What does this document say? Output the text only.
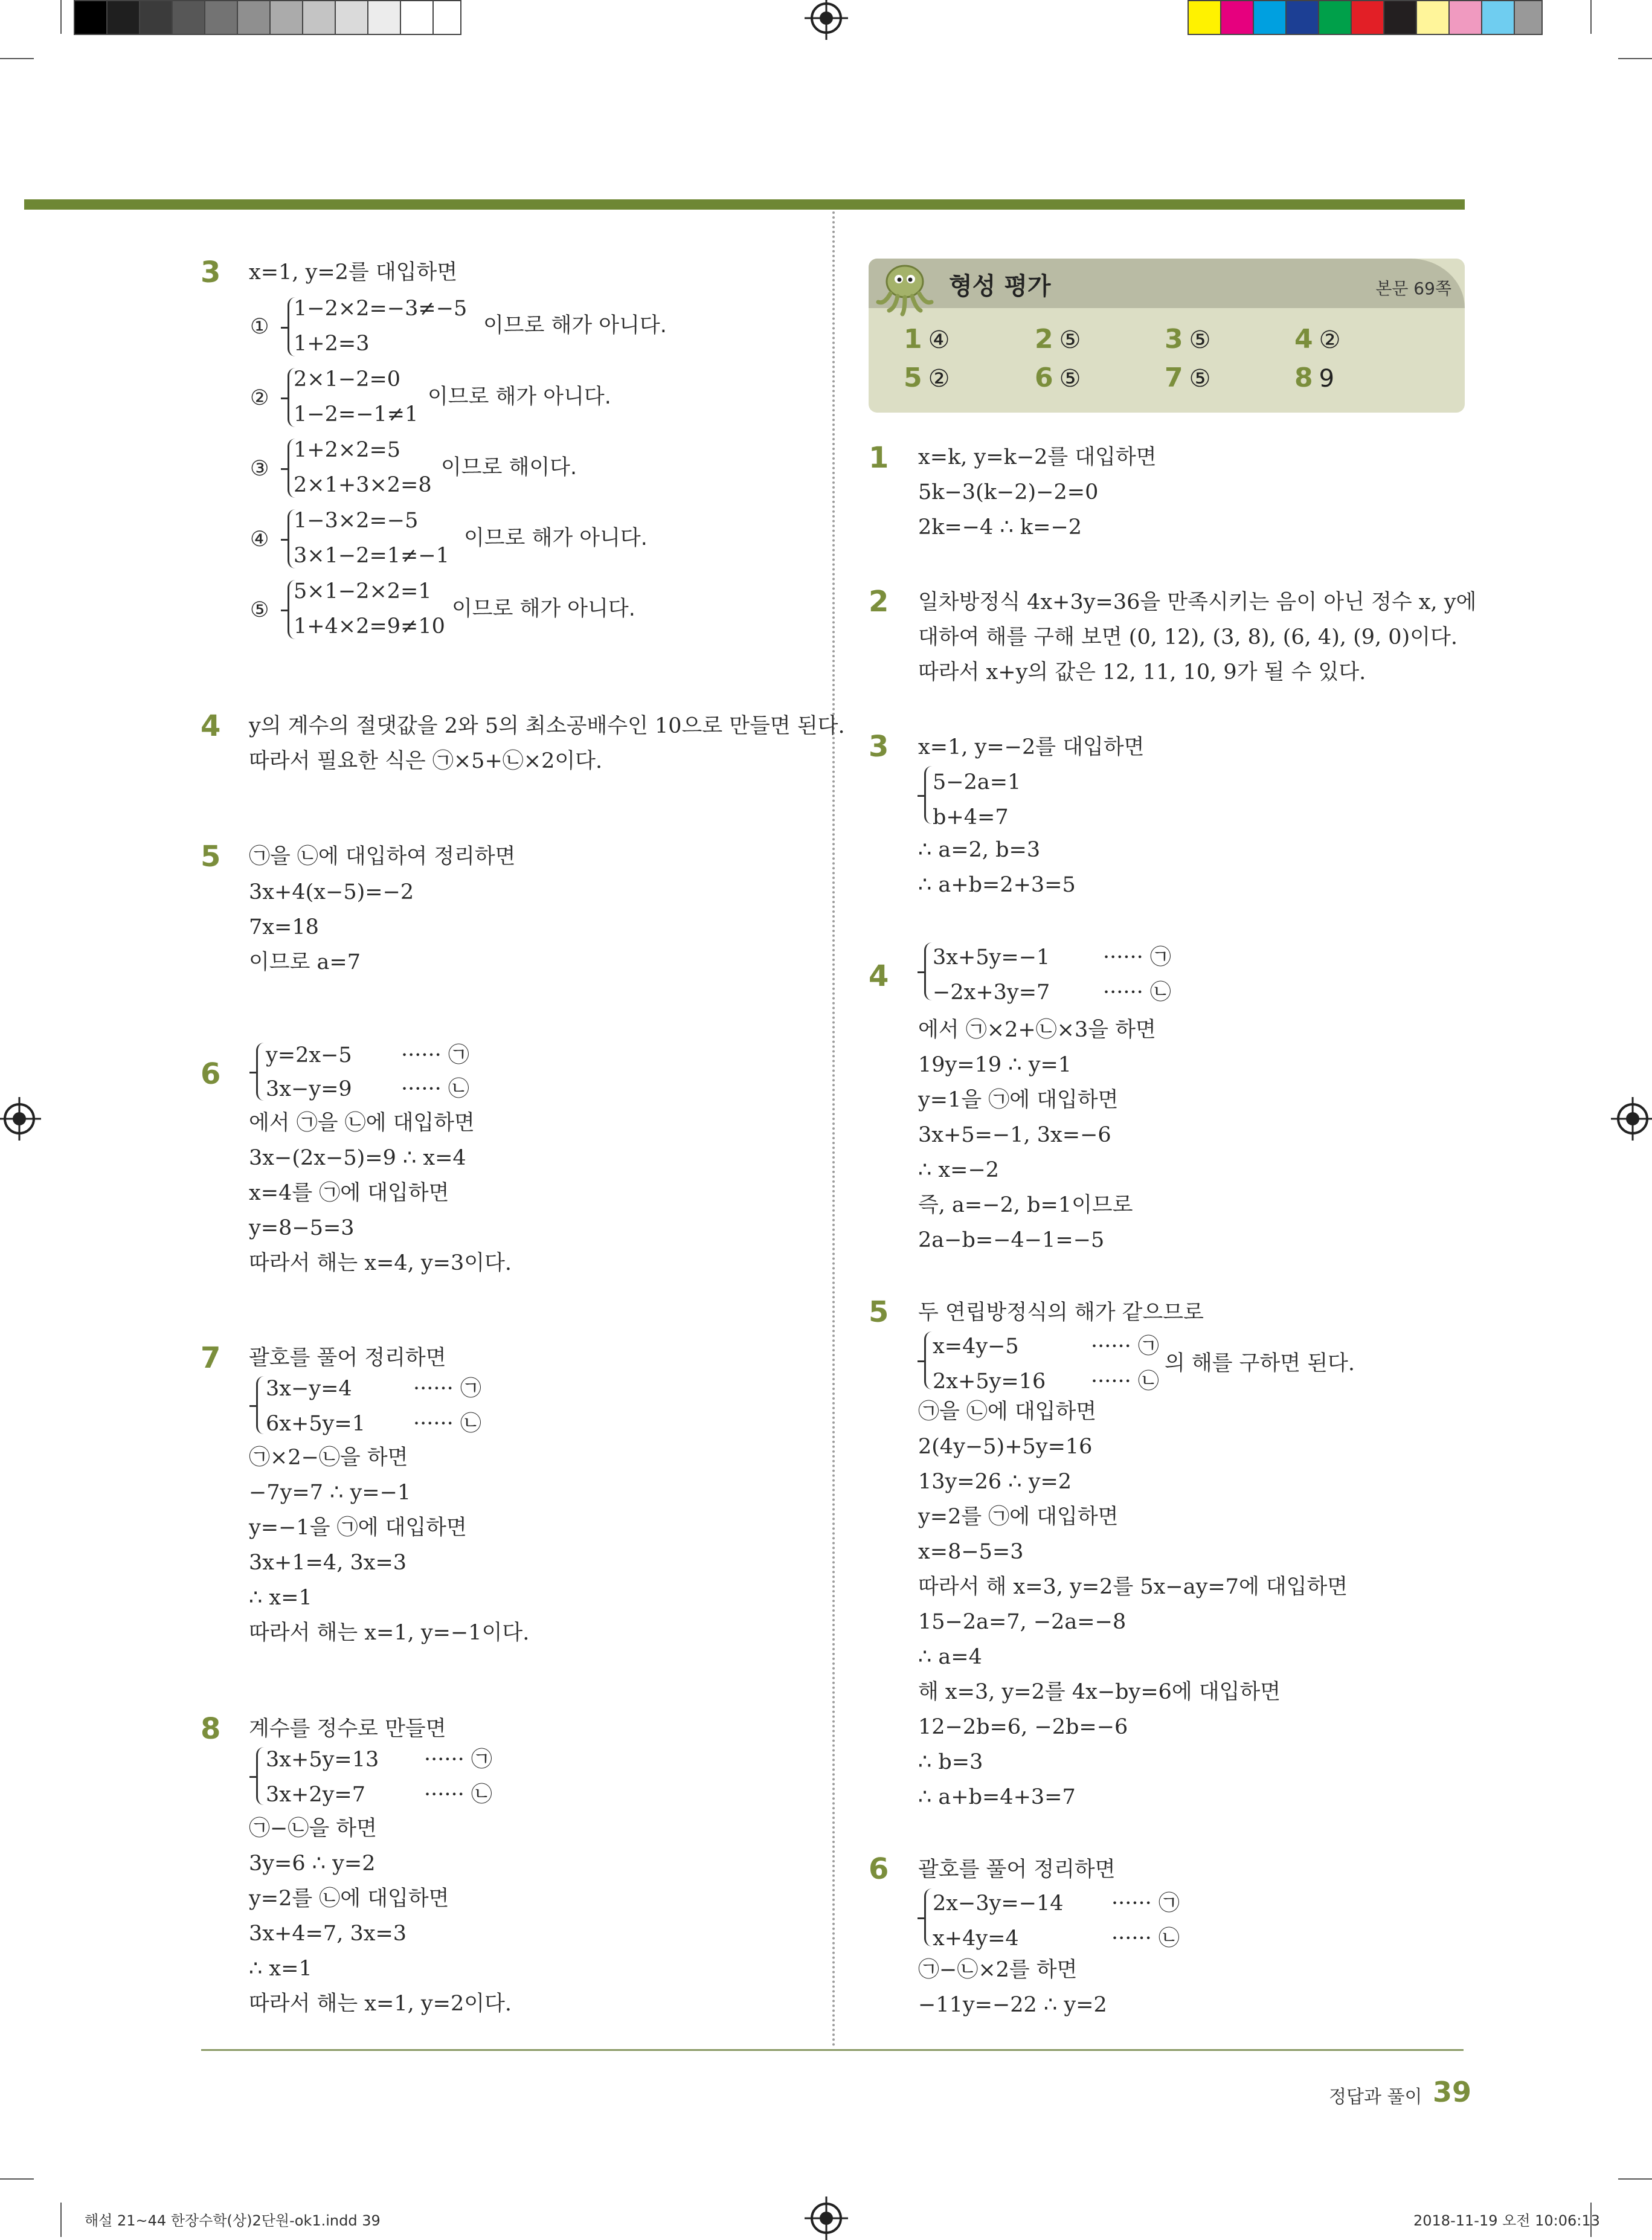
3 x=1, y=2를 대입하면
①
1−2×2=−3≠−5
1+2=3
이므로 해가 아니다.
②
2×1−2=0
1−2=−1≠1
이므로 해가 아니다.
③
1+2×2=5
2×1+3×2=8
이므로 해이다.
④
1−3×2=−5
3×1−2=1≠−1
이므로 해가 아니다.
⑤
5×1−2×2=1
1+4×2=9≠10
이므로 해가 아니다.
4 y의 계수의 절댓값을 2와 5의 최소공배수인 10으로 만들면 된다.
따라서 필요한 식은 ㉠×5+㉡×2이다.
5 ㉠을 ㉡에 대입하여 정리하면
3x+4(x−5)=−2
7x=18
이므로 a=7
6
y=2x−5
3x−y=9
······ ㉠
······ ㉡
에서 ㉠을 ㉡에 대입하면
3x−(2x−5)=9 ∴ x=4
x=4를 ㉠에 대입하면
y=8−5=3
따라서 해는 x=4, y=3이다.
7 괄호를 풀어 정리하면
3x−y=4
6x+5y=1
······ ㉠
······ ㉡
㉠×2−㉡을 하면
−7y=7 ∴ y=−1
y=−1을 ㉠에 대입하면
3x+1=4, 3x=3
∴ x=1
따라서 해는 x=1, y=−1이다.
8 계수를 정수로 만들면
3x+5y=13
3x+2y=7
······ ㉠
······ ㉡
㉠−㉡을 하면
3y=6 ∴ y=2
y=2를 ㉡에 대입하면
3x+4=7, 3x=3
∴ x=1
따라서 해는 x=1, y=2이다.
형성 평가	본문 69쪽
1 ④	2 ⑤	3 ⑤	4 ②
5 ②	6 ⑤	7 ⑤	8 9
1 x=k, y=k−2를 대입하면
5k−3(k−2)−2=0
2k=−4 ∴ k=−2
2 일차방정식 4x+3y=36을 만족시키는 음이 아닌 정수 x, y에
대하여 해를 구해 보면 (0, 12), (3, 8), (6, 4), (9, 0)이다.
따라서 x+y의 값은 12, 11, 10, 9가 될 수 있다.
3 x=1, y=−2를 대입하면
5−2a=1
b+4=7
∴ a=2, b=3
∴ a+b=2+3=5
4
3x+5y=−1
−2x+3y=7
······ ㉠
······ ㉡
에서 ㉠×2+㉡×3을 하면
19y=19 ∴ y=1
y=1을 ㉠에 대입하면
3x+5=−1, 3x=−6
∴ x=−2
즉, a=−2, b=1이므로
2a−b=−4−1=−5
5 두 연립방정식의 해가 같으므로
x=4y−5
2x+5y=16
······ ㉠
······ ㉡
의 해를 구하면 된다.
㉠을 ㉡에 대입하면
2(4y−5)+5y=16
13y=26 ∴ y=2
y=2를 ㉠에 대입하면
x=8−5=3
따라서 해 x=3, y=2를 5x−ay=7에 대입하면
15−2a=7, −2a=−8
∴ a=4
해 x=3, y=2를 4x−by=6에 대입하면
12−2b=6, −2b=−6
∴ b=3
∴ a+b=4+3=7
6 괄호를 풀어 정리하면
2x−3y=−14
x+4y=4
······ ㉠
······ ㉡
㉠−㉡×2를 하면
−11y=−22 ∴ y=2
정답과 풀이 39
해설 21~44 한장수학(상)2단원-ok1.indd 39	2018-11-19 오전 10:06:13
